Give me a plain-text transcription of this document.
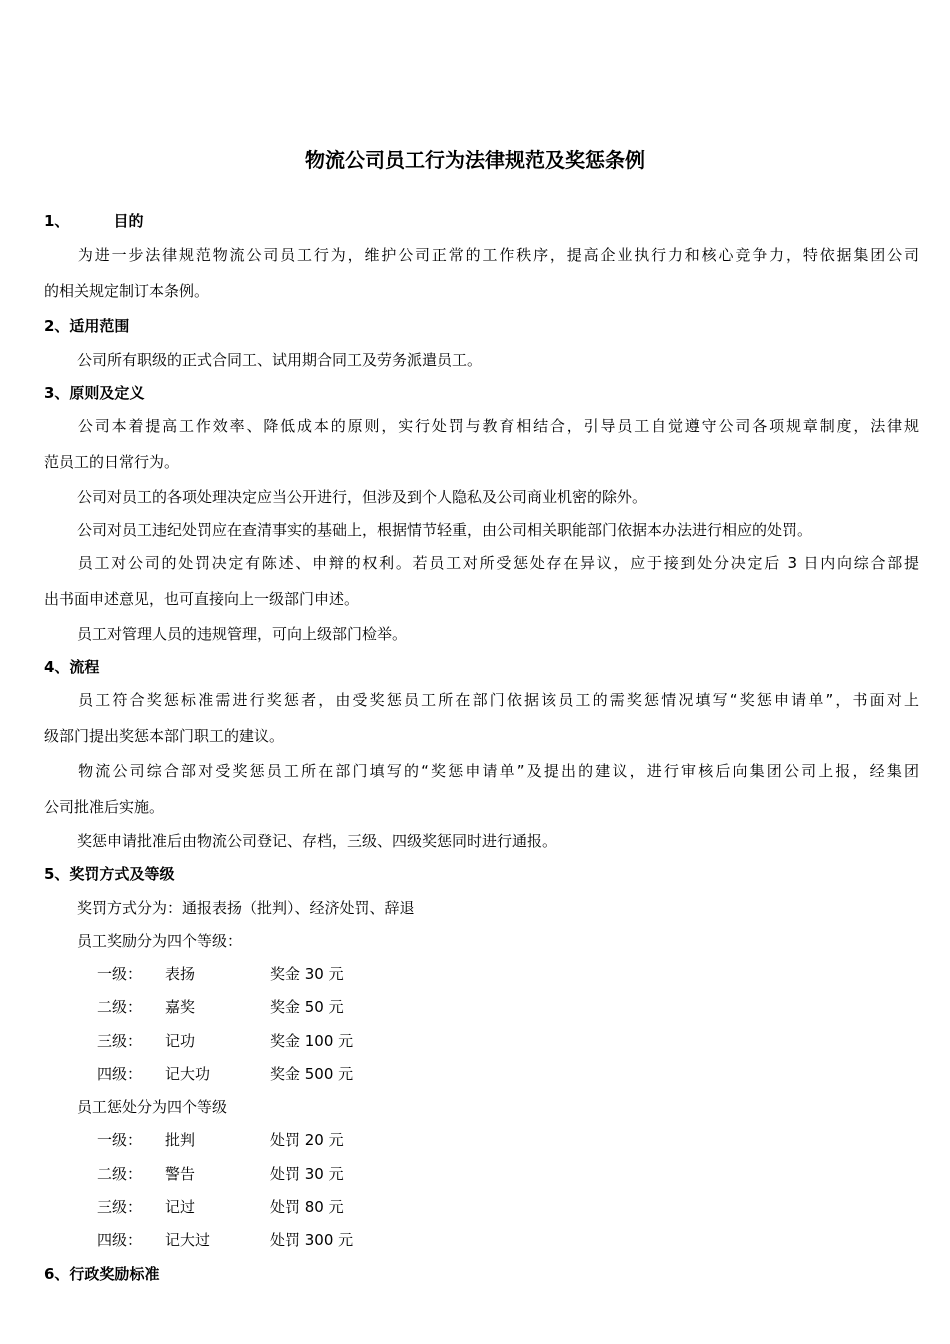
物流公司员工行为法律规范及奖惩条例
1、	目的
为进一步法律规范物流公司员工行为，维护公司正常的工作秩序，提高企业执行力和核心竞争力，特依据集团公司
的相关规定制订本条例。
2、适用范围
公司所有职级的正式合同工、试用期合同工及劳务派遣员工。
3、原则及定义
公司本着提高工作效率、降低成本的原则，实行处罚与教育相结合，引导员工自觉遵守公司各项规章制度，法律规
范员工的日常行为。
公司对员工的各项处理决定应当公开进行，但涉及到个人隐私及公司商业机密的除外。
公司对员工违纪处罚应在查清事实的基础上，根据情节轻重，由公司相关职能部门依据本办法进行相应的处罚。
员工对公司的处罚决定有陈述、申辩的权利。若员工对所受惩处存在异议，应于接到处分决定后 3 日内向综合部提
出书面申述意见，也可直接向上一级部门申述。
员工对管理人员的违规管理，可向上级部门检举。
4、流程
员工符合奖惩标准需进行奖惩者，由受奖惩员工所在部门依据该员工的需奖惩情况填写“奖惩申请单”，书面对上
级部门提出奖惩本部门职工的建议。
物流公司综合部对受奖惩员工所在部门填写的“奖惩申请单”及提出的建议，进行审核后向集团公司上报，经集团
公司批准后实施。
奖惩申请批准后由物流公司登记、存档，三级、四级奖惩同时进行通报。
5、奖罚方式及等级
奖罚方式分为：通报表扬（批判）、经济处罚、辞退
员工奖励分为四个等级：
一级： 表扬	奖金 30 元
二级： 嘉奖	奖金 50 元
三级： 记功	奖金 100 元
四级： 记大功	奖金 500 元
员工惩处分为四个等级
一级： 批判	处罚 20 元
二级： 警告	处罚 30 元
三级： 记过	处罚 80 元
四级： 记大过	处罚 300 元
6、行政奖励标准
